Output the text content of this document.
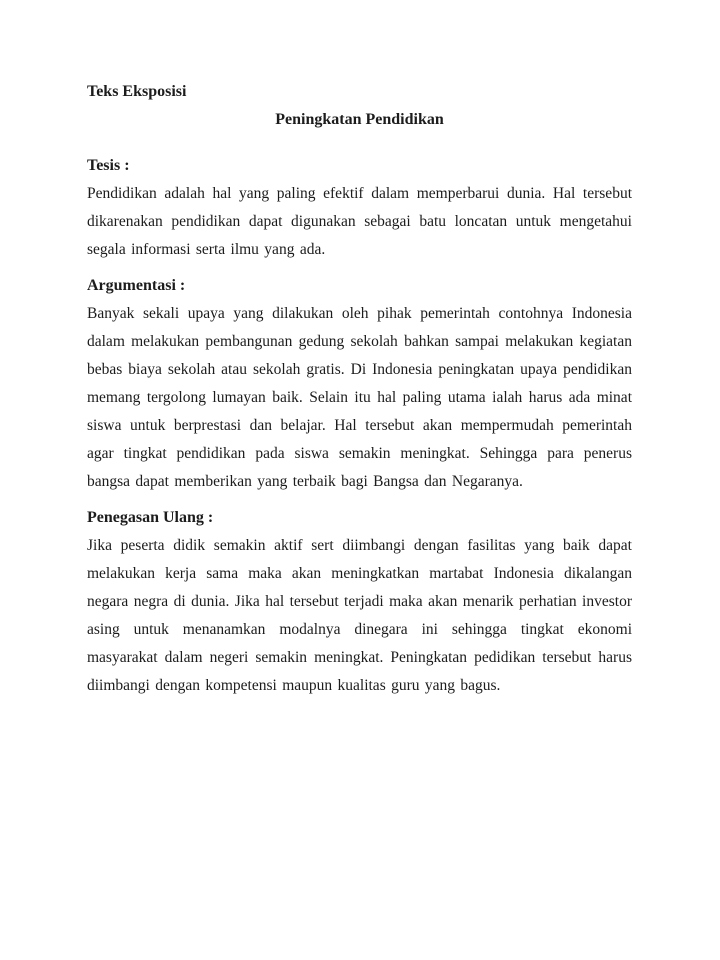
Teks Eksposisi
Peningkatan Pendidikan
Tesis :

Pendidikan adalah hal yang paling efektif dalam memperbarui dunia. Hal tersebut dikarenakan pendidikan dapat digunakan sebagai batu loncatan untuk mengetahui segala informasi serta ilmu yang ada.

Argumentasi :

Banyak sekali upaya yang dilakukan oleh pihak pemerintah contohnya Indonesia dalam melakukan pembangunan gedung sekolah bahkan sampai melakukan kegiatan bebas biaya sekolah atau sekolah gratis. Di Indonesia peningkatan upaya pendidikan memang tergolong lumayan baik. Selain itu hal paling utama ialah harus ada minat siswa untuk berprestasi dan belajar. Hal tersebut akan mempermudah pemerintah agar tingkat pendidikan pada siswa semakin meningkat. Sehingga para penerus bangsa dapat memberikan yang terbaik bagi Bangsa dan Negaranya.

Penegasan Ulang :

Jika peserta didik semakin aktif sert diimbangi dengan fasilitas yang baik dapat melakukan kerja sama maka akan meningkatkan martabat Indonesia dikalangan negara negra di dunia. Jika hal tersebut terjadi maka akan menarik perhatian investor asing untuk menanamkan modalnya dinegara ini sehingga tingkat ekonomi masyarakat dalam negeri semakin meningkat. Peningkatan pedidikan tersebut harus diimbangi dengan kompetensi maupun kualitas guru yang bagus.
